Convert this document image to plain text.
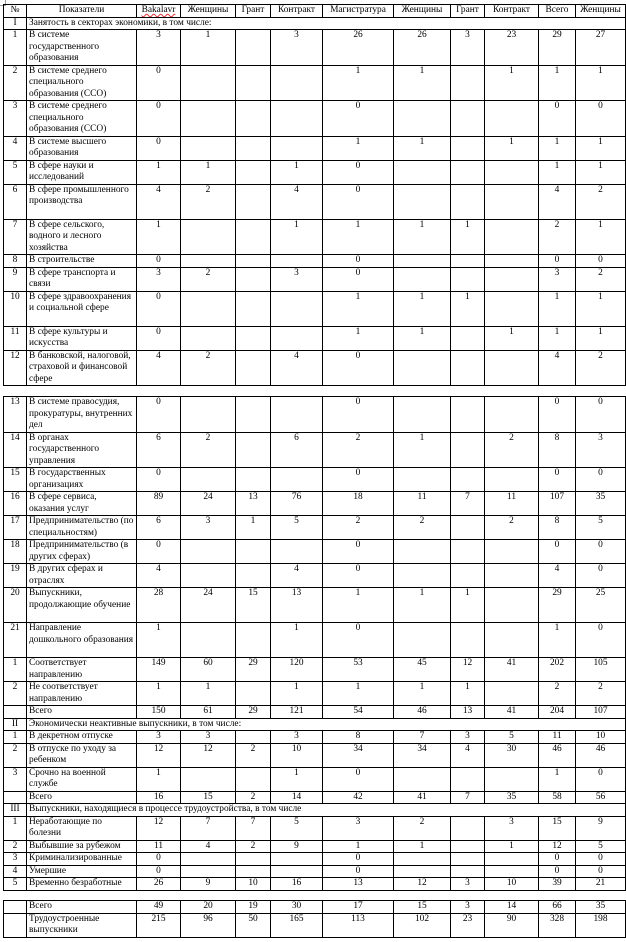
№	Показатели	Bakalavr	Женщины	Грант	Контракт	Магистратура	Женщины	Грант	Контракт	Всего	Женщины
I	Занятость в секторах экономики, в том числе:										
1	В системе государственного образования	3	1		3	26	26	3	23	29	27
2	В системе среднего специального образования (ССО)	0				1	1		1	1	1
3	В системе среднего специального образования (ССО)	0				0				0	0
4	В системе высшего образования	0				1	1		1	1	1
5	В сфере науки и исследований	1	1		1	0				1	1
6	В сфере промышленного производства	4	2		4	0				4	2
7	В сфере сельского, водного и лесного хозяйства	1			1	1	1	1		2	1
8	В строительстве	0				0				0	0
9	В сфере транспорта и связи	3	2		3	0				3	2
10	В сфере здравоохранения и социальной сфере	0				1	1	1		1	1
11	В сфере культуры и искусства	0				1	1		1	1	1
12	В банковской, налоговой, страховой и финансовой сфере	4	2		4	0				4	2
13	В системе правосудия, прокуратуры, внутренних дел	0				0				0	0
14	В органах государственного управления	6	2		6	2	1		2	8	3
15	В государственных организациях	0				0				0	0
16	В сфере сервиса, оказания услуг	89	24	13	76	18	11	7	11	107	35
17	Предпринимательство (по специальностям)	6	3	1	5	2	2		2	8	5
18	Предпринимательство (в других сферах)	0				0				0	0
19	В других сферах и отраслях	4			4	0				4	0
20	Выпускники, продолжающие обучение	28	24	15	13	1	1	1		29	25
21	Направление дошкольного образования	1			1	0				1	0
1	Соответствует направлению	149	60	29	120	53	45	12	41	202	105
2	Не соответствует направлению	1	1		1	1	1	1		2	2
	Всего	150	61	29	121	54	46	13	41	204	107
II	Экономически неактивные выпускники, в том числе:										
1	В декретном отпуске	3	3		3	8	7	3	5	11	10
2	В отпуске по уходу за ребенком	12	12	2	10	34	34	4	30	46	46
3	Срочно на военной службе	1			1	0				1	0
	Всего	16	15	2	14	42	41	7	35	58	56
III	Выпускники, находящиеся в процессе трудоустройства, в том числе										
1	Неработающие по болезни	12	7	7	5	3	2		3	15	9
2	Выбывшие за рубежом	11	4	2	9	1	1		1	12	5
3	Криминализированные	0				0				0	0
4	Умершие	0				0				0	0
5	Временно безработные	26	9	10	16	13	12	3	10	39	21
	Всего	49	20	19	30	17	15	3	14	66	35
	Трудоустроенные выпускники	215	96	50	165	113	102	23	90	328	198
